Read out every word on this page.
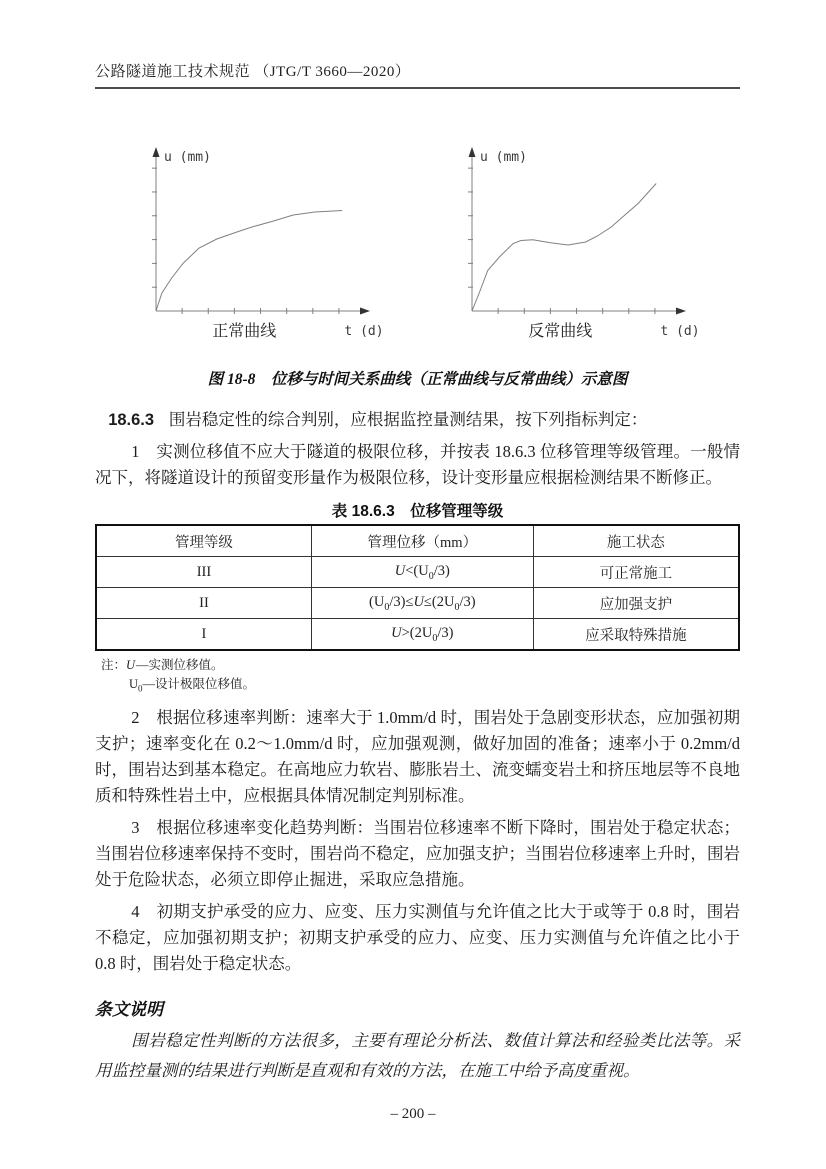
公路隧道施工技术规范 （JTG/T 3660—2020）
u (mm)
t (d)
正常曲线
u (mm)
t (d)
反常曲线
图 18-8　位移与时间关系曲线（正常曲线与反常曲线）示意图

18.6.3 围岩稳定性的综合判别，应根据监控量测结果，按下列指标判定：

1　实测位移值不应大于隧道的极限位移，并按表 18.6.3 位移管理等级管理。一般情况下，将隧道设计的预留变形量作为极限位移，设计变形量应根据检测结果不断修正。

表 18.6.3　位移管理等级
管理等级	管理位移（mm）	施工状态
III	$U<(U_0/3)$	可正常施工
II	$(U_0/3)\le U\le(2U_0/3)$	应加强支护
I	$U>(2U_0/3)$	应采取特殊措施
注：U—实测位移值。
$U_0—$设计极限位移值。

2　根据位移速率判断：速率大于 1.0mm/d 时，围岩处于急剧变形状态，应加强初期支护；速率变化在 0.2～1.0mm/d 时，应加强观测，做好加固的准备；速率小于 0.2mm/d 时，围岩达到基本稳定。在高地应力软岩、膨胀岩土、流变蠕变岩土和挤压地层等不良地质和特殊性岩土中，应根据具体情况制定判别标准。

3　根据位移速率变化趋势判断：当围岩位移速率不断下降时，围岩处于稳定状态；当围岩位移速率保持不变时，围岩尚不稳定，应加强支护；当围岩位移速率上升时，围岩处于危险状态，必须立即停止掘进，采取应急措施。

4　初期支护承受的应力、应变、压力实测值与允许值之比大于或等于 0.8 时，围岩不稳定，应加强初期支护；初期支护承受的应力、应变、压力实测值与允许值之比小于 0.8 时，围岩处于稳定状态。

条文说明

围岩稳定性判断的方法很多，主要有理论分析法、数值计算法和经验类比法等。采用监控量测的结果进行判断是直观和有效的方法，在施工中给予高度重视。

– 200 –
